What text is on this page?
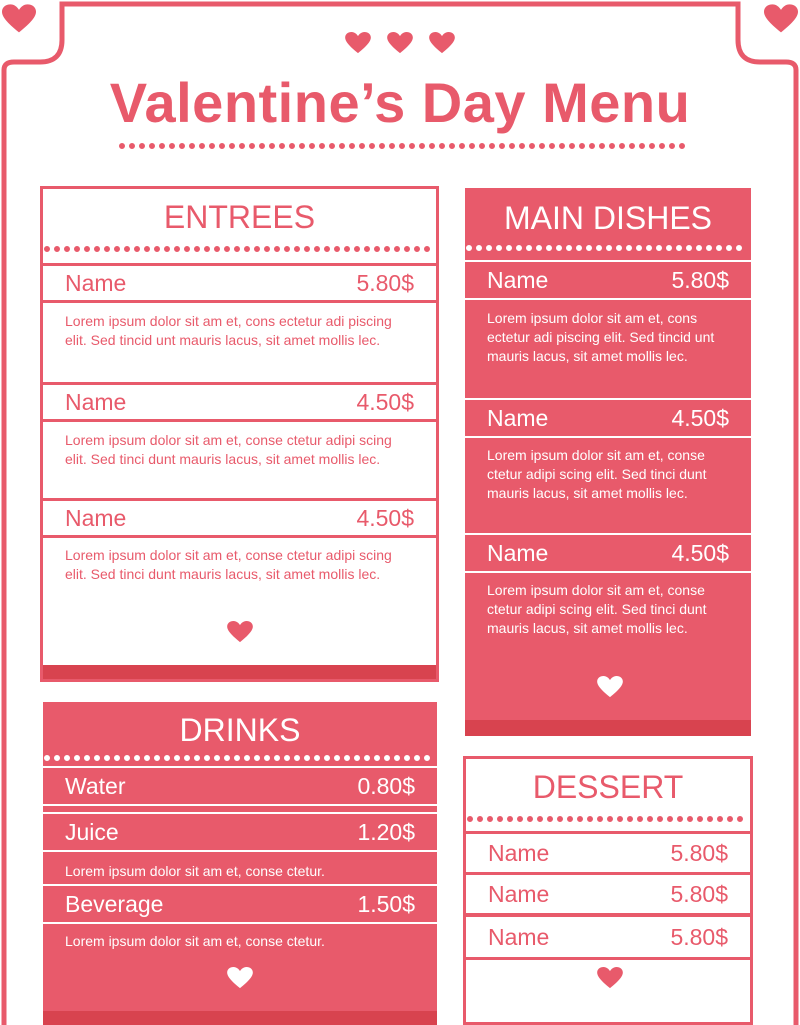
Valentine’s Day Menu
ENTREES
Name	5.80$

Lorem ipsum dolor sit am et, cons ectetur adi piscing elit. Sed tincid unt mauris lacus, sit amet mollis lec.

Name	4.50$

Lorem ipsum dolor sit am et, conse ctetur adipi scing elit. Sed tinci dunt mauris lacus, sit amet mollis lec.

Name	4.50$

Lorem ipsum dolor sit am et, conse ctetur adipi scing elit. Sed tinci dunt mauris lacus, sit amet mollis lec.

MAIN DISHES
Name	5.80$

Lorem ipsum dolor sit am et, cons ectetur adi piscing elit. Sed tincid unt mauris lacus, sit amet mollis lec.

Name	4.50$

Lorem ipsum dolor sit am et, conse ctetur adipi scing elit. Sed tinci dunt mauris lacus, sit amet mollis lec.

Name	4.50$

Lorem ipsum dolor sit am et, conse ctetur adipi scing elit. Sed tinci dunt mauris lacus, sit amet mollis lec.

DRINKS
Water	0.80$
Juice	1.20$

Lorem ipsum dolor sit am et, conse ctetur.

Beverage	1.50$

Lorem ipsum dolor sit am et, conse ctetur.

DESSERT
Name	5.80$
Name	5.80$
Name	5.80$
